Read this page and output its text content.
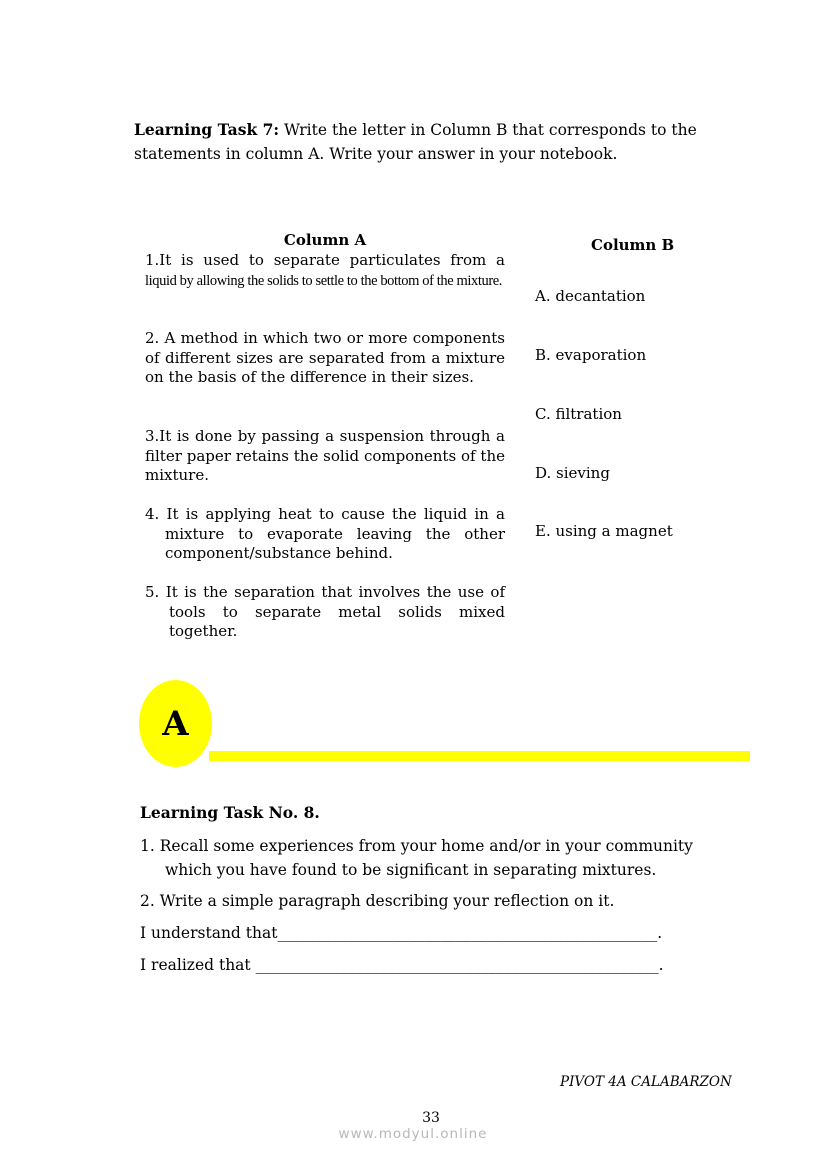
Learning Task 7: Write the letter in Column B that corresponds to the
statements in column A. Write your answer in your notebook.
Column A	Column B
1.It is used to separate particulates from a liquid by allowing the solids to settle to the bottom of the mixture.
2. A method in which two or more components of different sizes are separated from a mixture on the basis of the difference in their sizes.
3.It is done by passing a suspension through a filter paper retains the solid components of the mixture.
4. It is applying heat to cause the liquid in a mixture to evaporate leaving the other component/substance behind.
5. It is the separation that involves the use of tools to separate metal solids mixed together.
A. decantation
B. evaporation
C. filtration
D. sieving
E. using a magnet
A
Learning Task No. 8.
1. Recall some experiences from your home and/or in your community which you have found to be significant in separating mixtures.
2. Write a simple paragraph describing your reflection on it.
I understand that_________________________________________________.
I realized that ____________________________________________________.
PIVOT 4A CALABARZON
33
www.modyul.online
